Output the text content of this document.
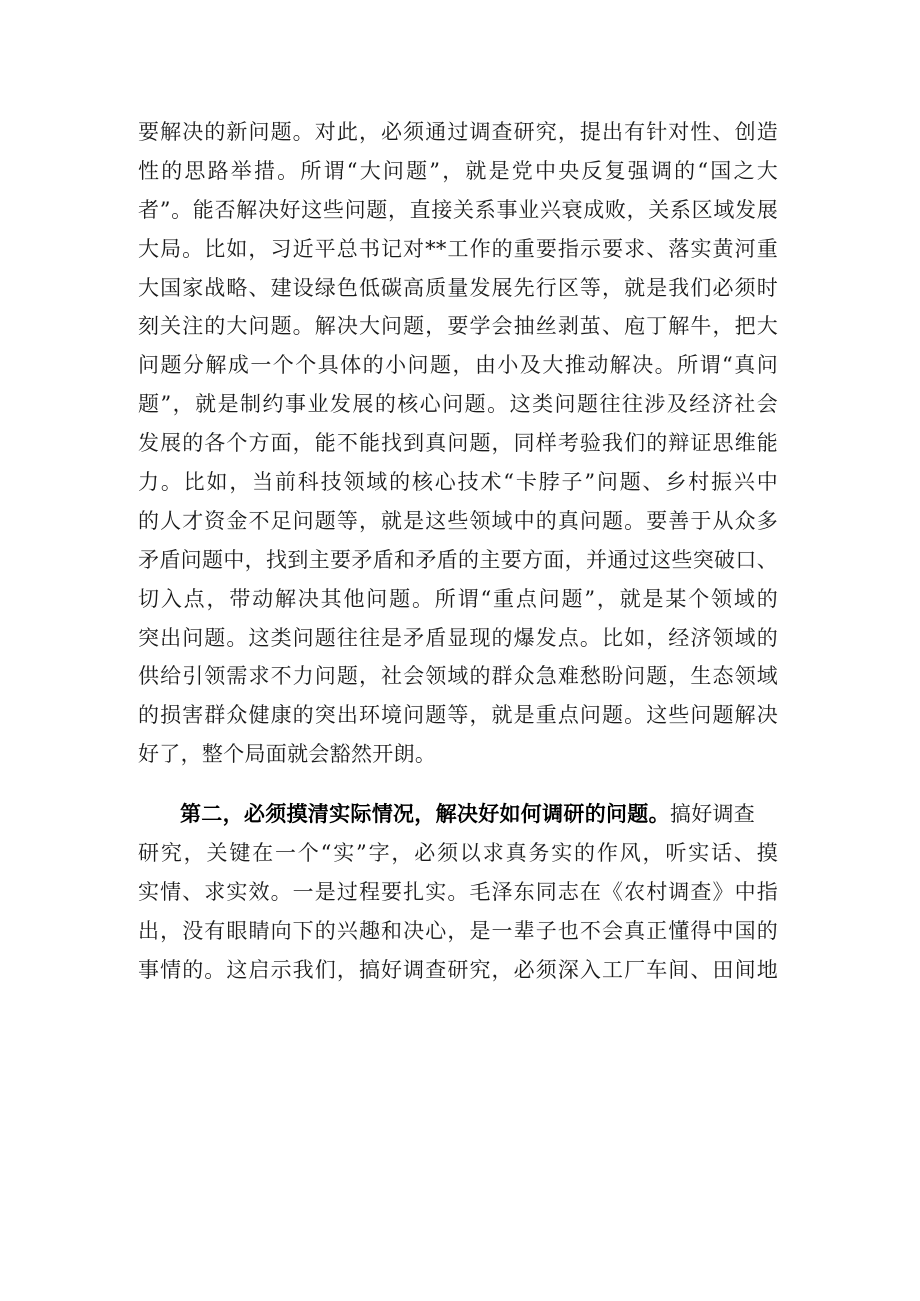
要解决的新问题。对此，必须通过调查研究，提出有针对性、创造
性的思路举措。所谓“大问题”，就是党中央反复强调的“国之大
者”。能否解决好这些问题，直接关系事业兴衰成败，关系区域发展
大局。比如，习近平总书记对**工作的重要指示要求、落实黄河重
大国家战略、建设绿色低碳高质量发展先行区等，就是我们必须时
刻关注的大问题。解决大问题，要学会抽丝剥茧、庖丁解牛，把大
问题分解成一个个具体的小问题，由小及大推动解决。所谓“真问
题”，就是制约事业发展的核心问题。这类问题往往涉及经济社会
发展的各个方面，能不能找到真问题，同样考验我们的辩证思维能
力。比如，当前科技领域的核心技术“卡脖子”问题、乡村振兴中
的人才资金不足问题等，就是这些领域中的真问题。要善于从众多
矛盾问题中，找到主要矛盾和矛盾的主要方面，并通过这些突破口、
切入点，带动解决其他问题。所谓“重点问题”，就是某个领域的
突出问题。这类问题往往是矛盾显现的爆发点。比如，经济领域的
供给引领需求不力问题，社会领域的群众急难愁盼问题，生态领域
的损害群众健康的突出环境问题等，就是重点问题。这些问题解决
好了，整个局面就会豁然开朗。
第二，必须摸清实际情况，解决好如何调研的问题。搞好调查
研究，关键在一个“实”字，必须以求真务实的作风，听实话、摸
实情、求实效。一是过程要扎实。毛泽东同志在《农村调查》中指
出，没有眼睛向下的兴趣和决心，是一辈子也不会真正懂得中国的
事情的。这启示我们，搞好调查研究，必须深入工厂车间、田间地
